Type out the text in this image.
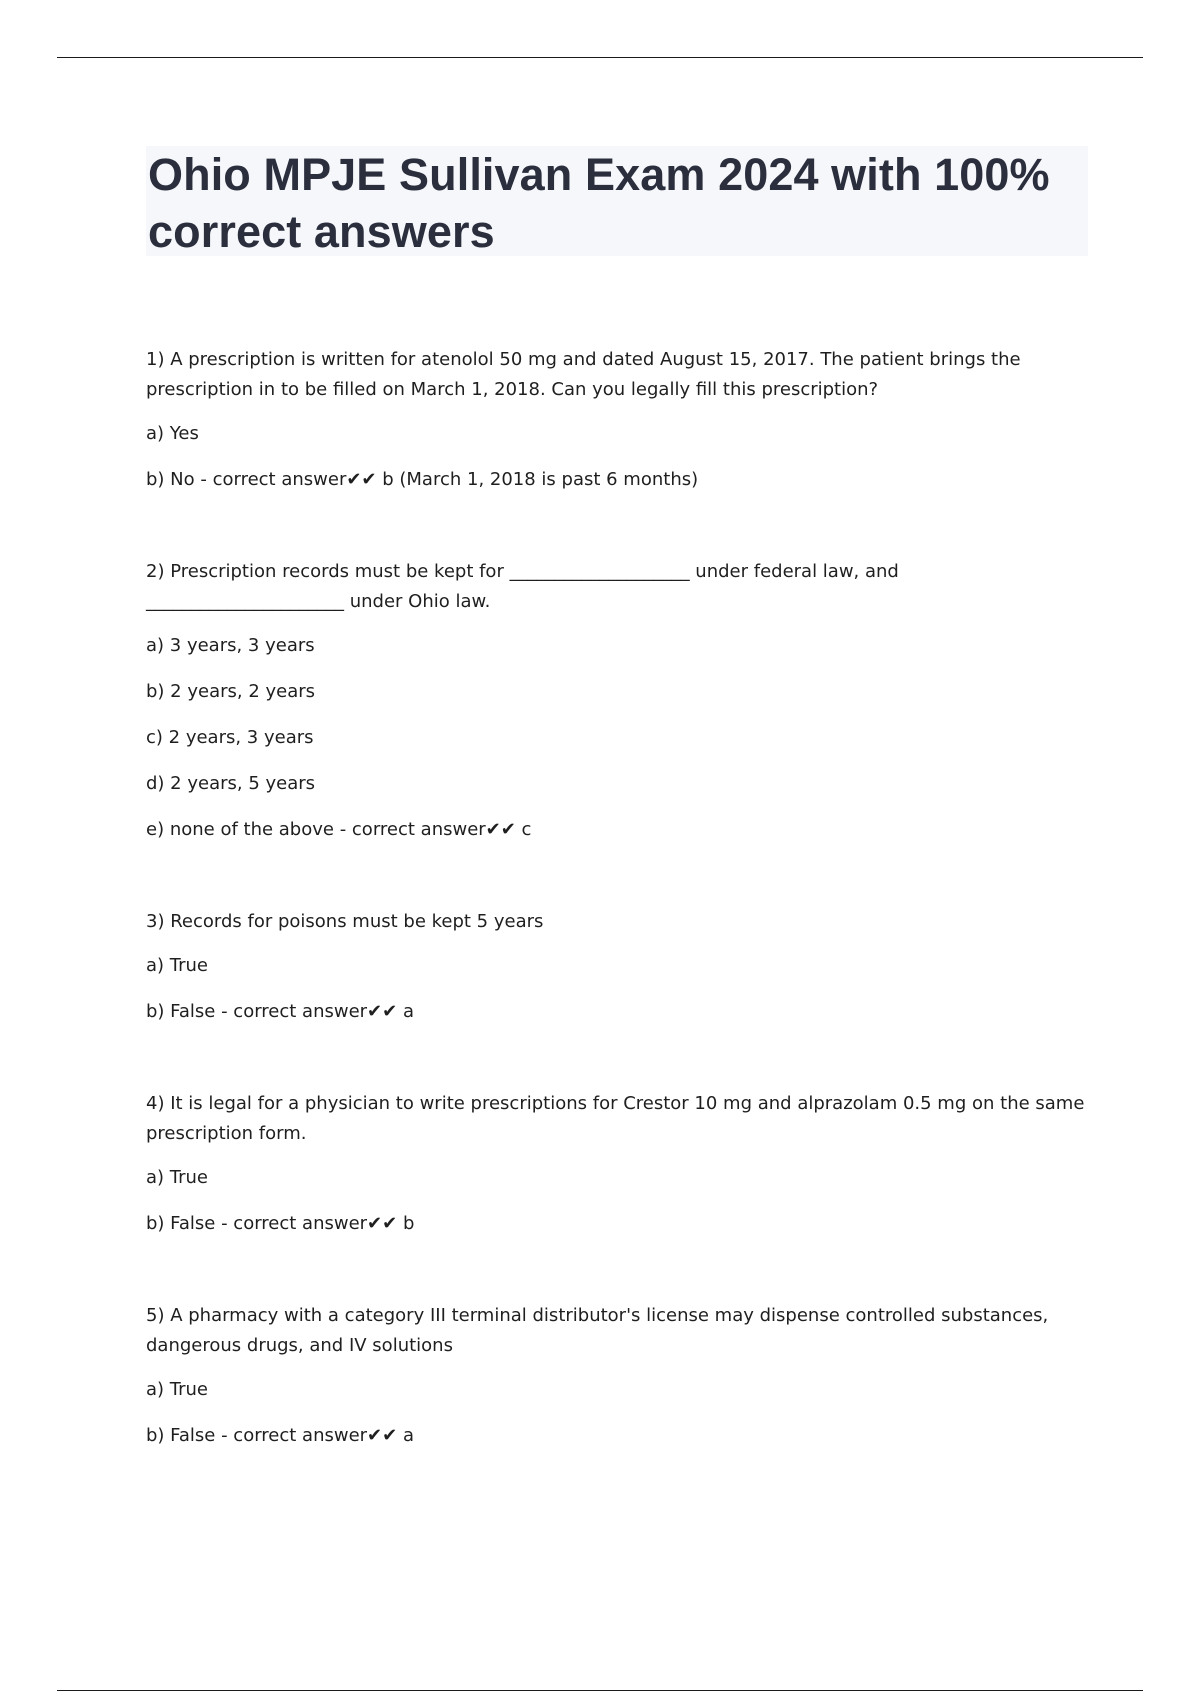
Ohio MPJE Sullivan Exam 2024 with 100% correct answers

1) A prescription is written for atenolol 50 mg and dated August 15, 2017. The patient brings the prescription in to be filled on March 1, 2018. Can you legally fill this prescription?

a) Yes
b) No - correct answer✔✔ b (March 1, 2018 is past 6 months)

2) Prescription records must be kept for ____________________ under federal law, and ______________________ under Ohio law.

a) 3 years, 3 years
b) 2 years, 2 years
c) 2 years, 3 years
d) 2 years, 5 years
e) none of the above - correct answer✔✔ c

3) Records for poisons must be kept 5 years

a) True
b) False - correct answer✔✔ a

4) It is legal for a physician to write prescriptions for Crestor 10 mg and alprazolam 0.5 mg on the same prescription form.

a) True
b) False - correct answer✔✔ b

5) A pharmacy with a category III terminal distributor's license may dispense controlled substances, dangerous drugs, and IV solutions

a) True
b) False - correct answer✔✔ a
